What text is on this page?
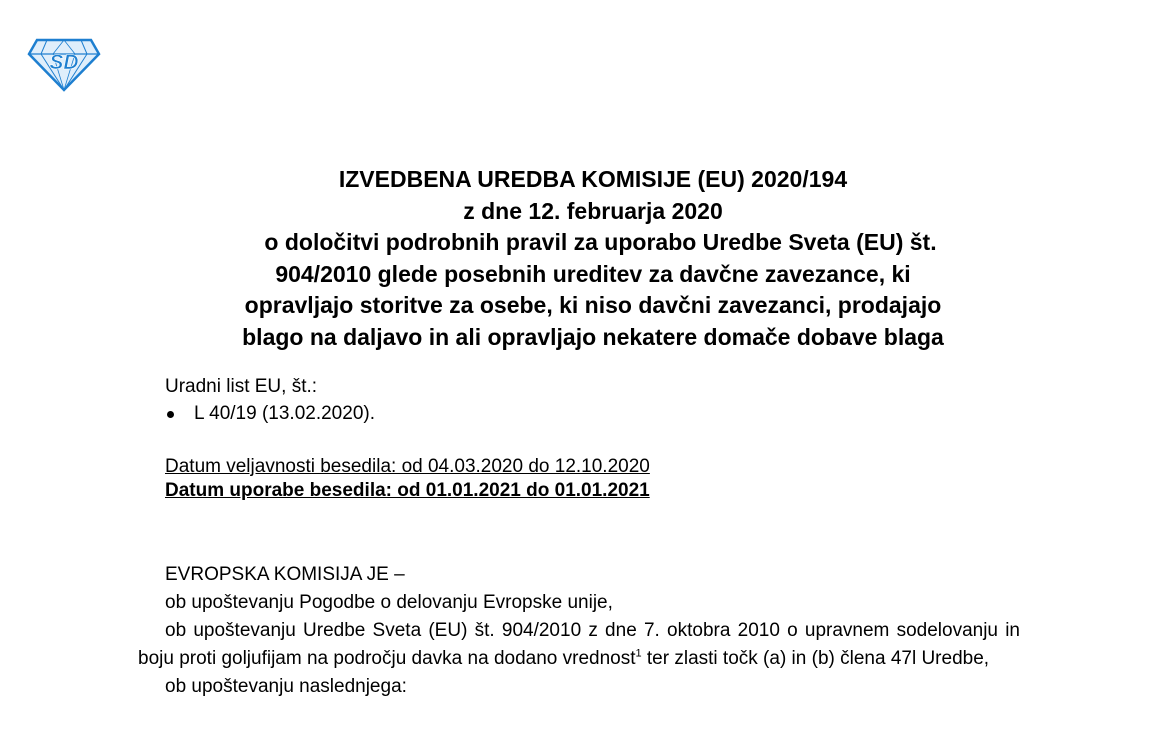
SD
IZVEDBENA UREDBA KOMISIJE (EU) 2020/194
z dne 12. februarja 2020
o določitvi podrobnih pravil za uporabo Uredbe Sveta (EU) št.
904/2010 glede posebnih ureditev za davčne zavezance, ki
opravljajo storitve za osebe, ki niso davčni zavezanci, prodajajo
blago na daljavo in ali opravljajo nekatere domače dobave blaga
Uradni list EU, št.:
L 40/19 (13.02.2020).
Datum veljavnosti besedila: od 04.03.2020 do 12.10.2020
Datum uporabe besedila: od 01.01.2021 do 01.01.2021

EVROPSKA KOMISIJA JE –

ob upoštevanju Pogodbe o delovanju Evropske unije,

ob upoštevanju Uredbe Sveta (EU) št. 904/2010 z dne 7. oktobra 2010 o upravnem sodelovanju in boju proti goljufijam na področju davka na dodano vrednost$^1$ ter zlasti točk (a) in (b) člena 47l Uredbe,

ob upoštevanju naslednjega:
